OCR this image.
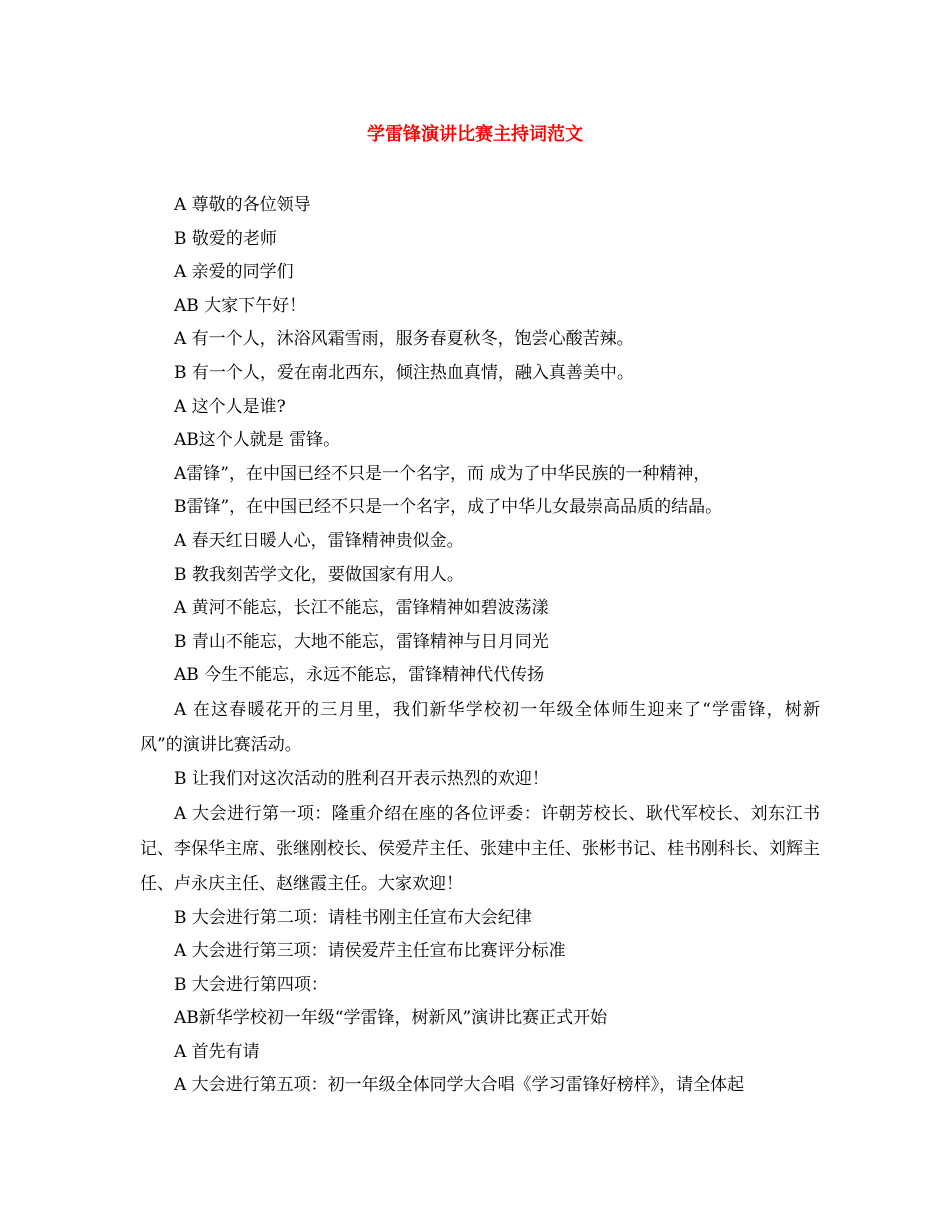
学雷锋演讲比赛主持词范文

A 尊敬的各位领导

B 敬爱的老师

A 亲爱的同学们

AB 大家下午好！

A 有一个人，沐浴风霜雪雨，服务春夏秋冬，饱尝心酸苦辣。

B 有一个人，爱在南北西东，倾注热血真情，融入真善美中。

A 这个人是谁?

AB这个人就是 雷锋。

A雷锋”，在中国已经不只是一个名字，而 成为了中华民族的一种精神，

B雷锋”，在中国已经不只是一个名字，成了中华儿女最崇高品质的结晶。

A 春天红日暖人心，雷锋精神贵似金。

B 教我刻苦学文化，要做国家有用人。

A 黄河不能忘，长江不能忘，雷锋精神如碧波荡漾

B 青山不能忘，大地不能忘，雷锋精神与日月同光

AB 今生不能忘，永远不能忘，雷锋精神代代传扬

A 在这春暖花开的三月里，我们新华学校初一年级全体师生迎来了“学雷锋，树新风”的演讲比赛活动。

B 让我们对这次活动的胜利召开表示热烈的欢迎！

A 大会进行第一项：隆重介绍在座的各位评委：许朝芳校长、耿代军校长、刘东江书记、李保华主席、张继刚校长、侯爱芹主任、张建中主任、张彬书记、桂书刚科长、刘辉主任、卢永庆主任、赵继霞主任。大家欢迎！

B 大会进行第二项：请桂书刚主任宣布大会纪律

A 大会进行第三项：请侯爱芹主任宣布比赛评分标准

B 大会进行第四项：

AB新华学校初一年级“学雷锋，树新风”演讲比赛正式开始

A 首先有请

A 大会进行第五项：初一年级全体同学大合唱《学习雷锋好榜样》，请全体起
